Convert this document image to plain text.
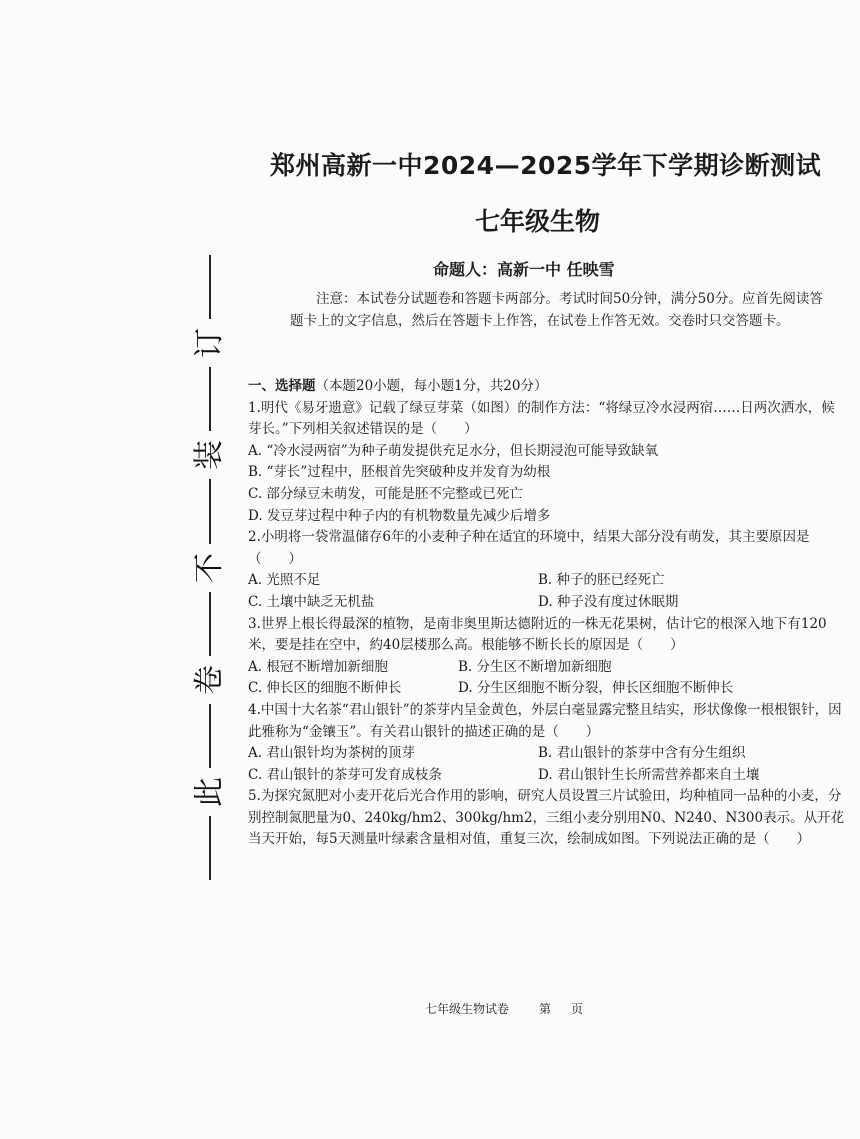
订
装
不
卷
此
郑州高新一中2024—2025学年下学期诊断测试
七年级生物
命题人：高新一中 任映雪
注意：本试卷分试题卷和答题卡两部分。考试时间50分钟，满分50分。应首先阅读答题卡上的文字信息，然后在答题卡上作答，在试卷上作答无效。交卷时只交答题卡。
一、选择题（本题20小题，每小题1分，共20分）

1.明代《易牙遗意》记载了绿豆芽菜（如图）的制作方法：“将绿豆冷水浸两宿……日两次洒水，候芽长。”下列相关叙述错误的是（　　）

A. “冷水浸两宿”为种子萌发提供充足水分，但长期浸泡可能导致缺氧

B. “芽长”过程中，胚根首先突破种皮并发育为幼根

C. 部分绿豆未萌发，可能是胚不完整或已死亡

D. 发豆芽过程中种子内的有机物数量先减少后增多

2.小明将一袋常温储存6年的小麦种子种在适宜的环境中，结果大部分没有萌发，其主要原因是（　　）

A. 光照不足	B. 种子的胚已经死亡
C. 土壤中缺乏无机盐	D. 种子没有度过休眠期

3.世界上根长得最深的植物，是南非奥里斯达德附近的一株无花果树，估计它的根深入地下有120米，要是挂在空中，約40层楼那么高。根能够不断长长的原因是（　　）

A. 根冠不断增加新细胞	B. 分生区不断增加新细胞
C. 伸长区的细胞不断伸长	D. 分生区细胞不断分裂，伸长区细胞不断伸长

4.中国十大名茶“君山银针”的茶芽内呈金黄色，外层白毫显露完整且结实，形状像像一根根银针，因此雅称为“金镶玉”。有关君山银针的描述正确的是（　　）

A. 君山银针均为茶树的顶芽	B. 君山银针的茶芽中含有分生组织
C. 君山银针的茶芽可发育成枝条	D. 君山银针生长所需营养都来自土壤

5.为探究氮肥对小麦开花后光合作用的影响，研究人员设置三片试验田，均种植同一品种的小麦，分别控制氮肥量为0、240kg/hm2、300kg/hm2，三组小麦分别用N0、N240、N300表示。从开花当天开始，每5天测量叶绿素含量相对值，重复三次，绘制成如图。下列说法正确的是（　　）

七年级生物试卷	第 页
